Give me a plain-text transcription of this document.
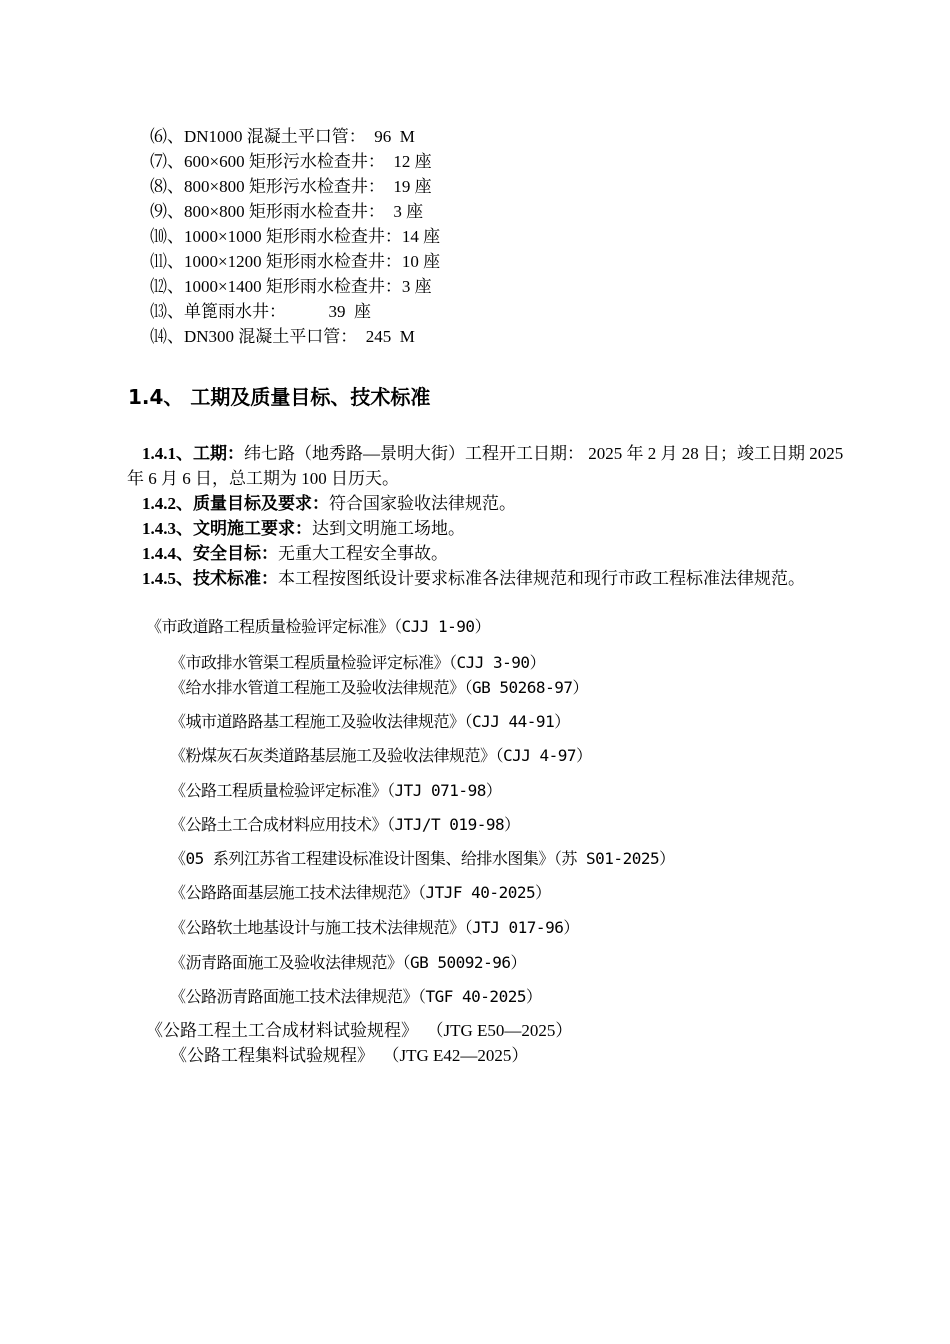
⑹、DN1000 混凝土平口管：  96  M
⑺、600×600 矩形污水检查井：  12 座
⑻、800×800 矩形污水检查井：  19 座
⑼、800×800 矩形雨水检查井：  3 座
⑽、1000×1000 矩形雨水检查井：14 座
⑾、1000×1200 矩形雨水检查井：10 座
⑿、1000×1400 矩形雨水检查井：3 座
⒀、单篦雨水井：          39  座
⒁、DN300 混凝土平口管：  245  M
1.4、 工期及质量目标、技术标准
1.4.1、工期：纬七路（地秀路—景明大街）工程开工日期： 2025 年 2 月 28 日；竣工日期 2025 年 6 月 6 日，总工期为 100 日历天。
1.4.2、质量目标及要求：符合国家验收法律规范。
1.4.3、文明施工要求：达到文明施工场地。
1.4.4、安全目标：无重大工程安全事故。
1.4.5、技术标准：本工程按图纸设计要求标准各法律规范和现行市政工程标准法律规范。
《市政道路工程质量检验评定标准》（CJJ 1-90）
《市政排水管渠工程质量检验评定标准》（CJJ 3-90）
《给水排水管道工程施工及验收法律规范》（GB 50268-97）
《城市道路路基工程施工及验收法律规范》（CJJ 44-91）
《粉煤灰石灰类道路基层施工及验收法律规范》（CJJ 4-97）
《公路工程质量检验评定标准》（JTJ 071-98）
《公路土工合成材料应用技术》（JTJ/T 019-98）
《05 系列江苏省工程建设标准设计图集、给排水图集》（苏 S01-2025）
《公路路面基层施工技术法律规范》（JTJF 40-2025）
《公路软土地基设计与施工技术法律规范》（JTJ 017-96）
《沥青路面施工及验收法律规范》（GB 50092-96）
《公路沥青路面施工技术法律规范》（TGF 40-2025）
《公路工程土工合成材料试验规程》  （JTG E50—2025）
《公路工程集料试验规程》  （JTG E42—2025）
